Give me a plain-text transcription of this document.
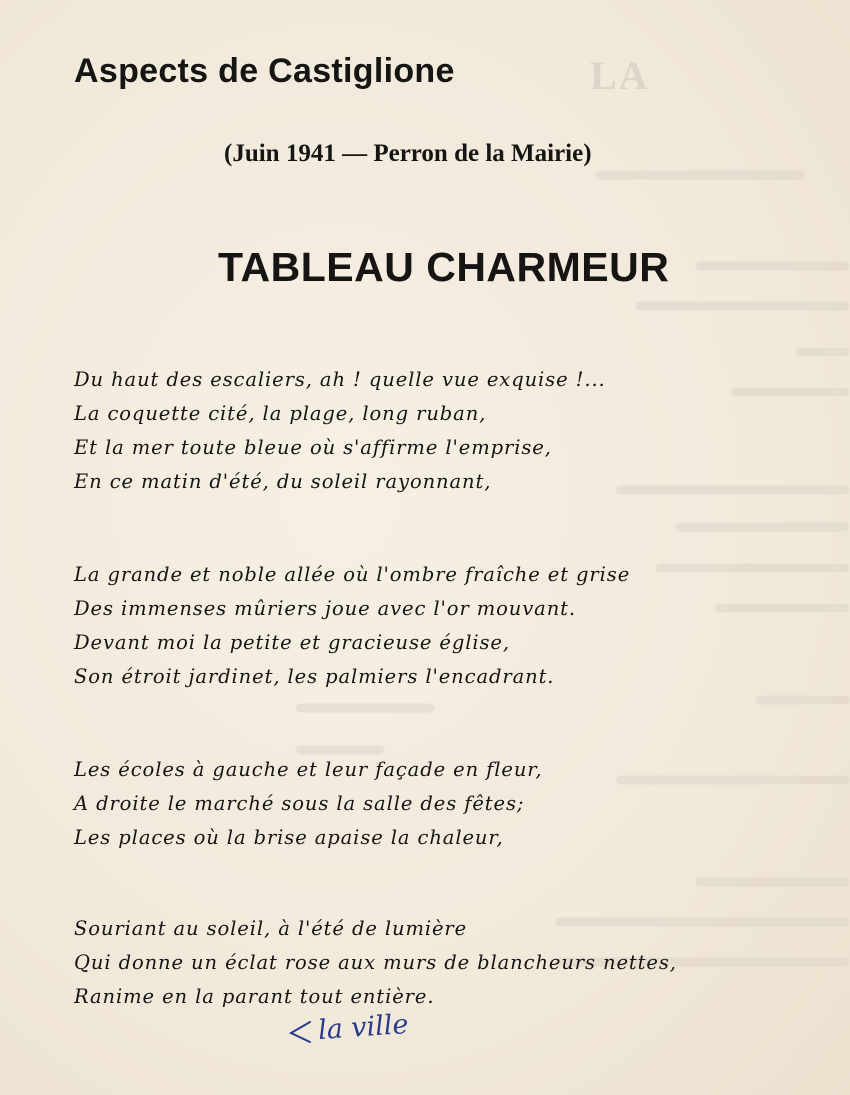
LA
Aspects de Castiglione
(Juin 1941 — Perron de la Mairie)
TABLEAU CHARMEUR
Du haut des escaliers, ah ! quelle vue exquise !...
La coquette cité, la plage, long ruban,
Et la mer toute bleue où s'affirme l'emprise,
En ce matin d'été, du soleil rayonnant,
La grande et noble allée où l'ombre fraîche et grise
Des immenses mûriers joue avec l'or mouvant.
Devant moi la petite et gracieuse église,
Son étroit jardinet, les palmiers l'encadrant.
Les écoles à gauche et leur façade en fleur,
A droite le marché sous la salle des fêtes;
Les places où la brise apaise la chaleur,
Souriant au soleil, à l'été de lumière
Qui donne un éclat rose aux murs de blancheurs nettes,
Ranime en la parant tout entière.
la ville
